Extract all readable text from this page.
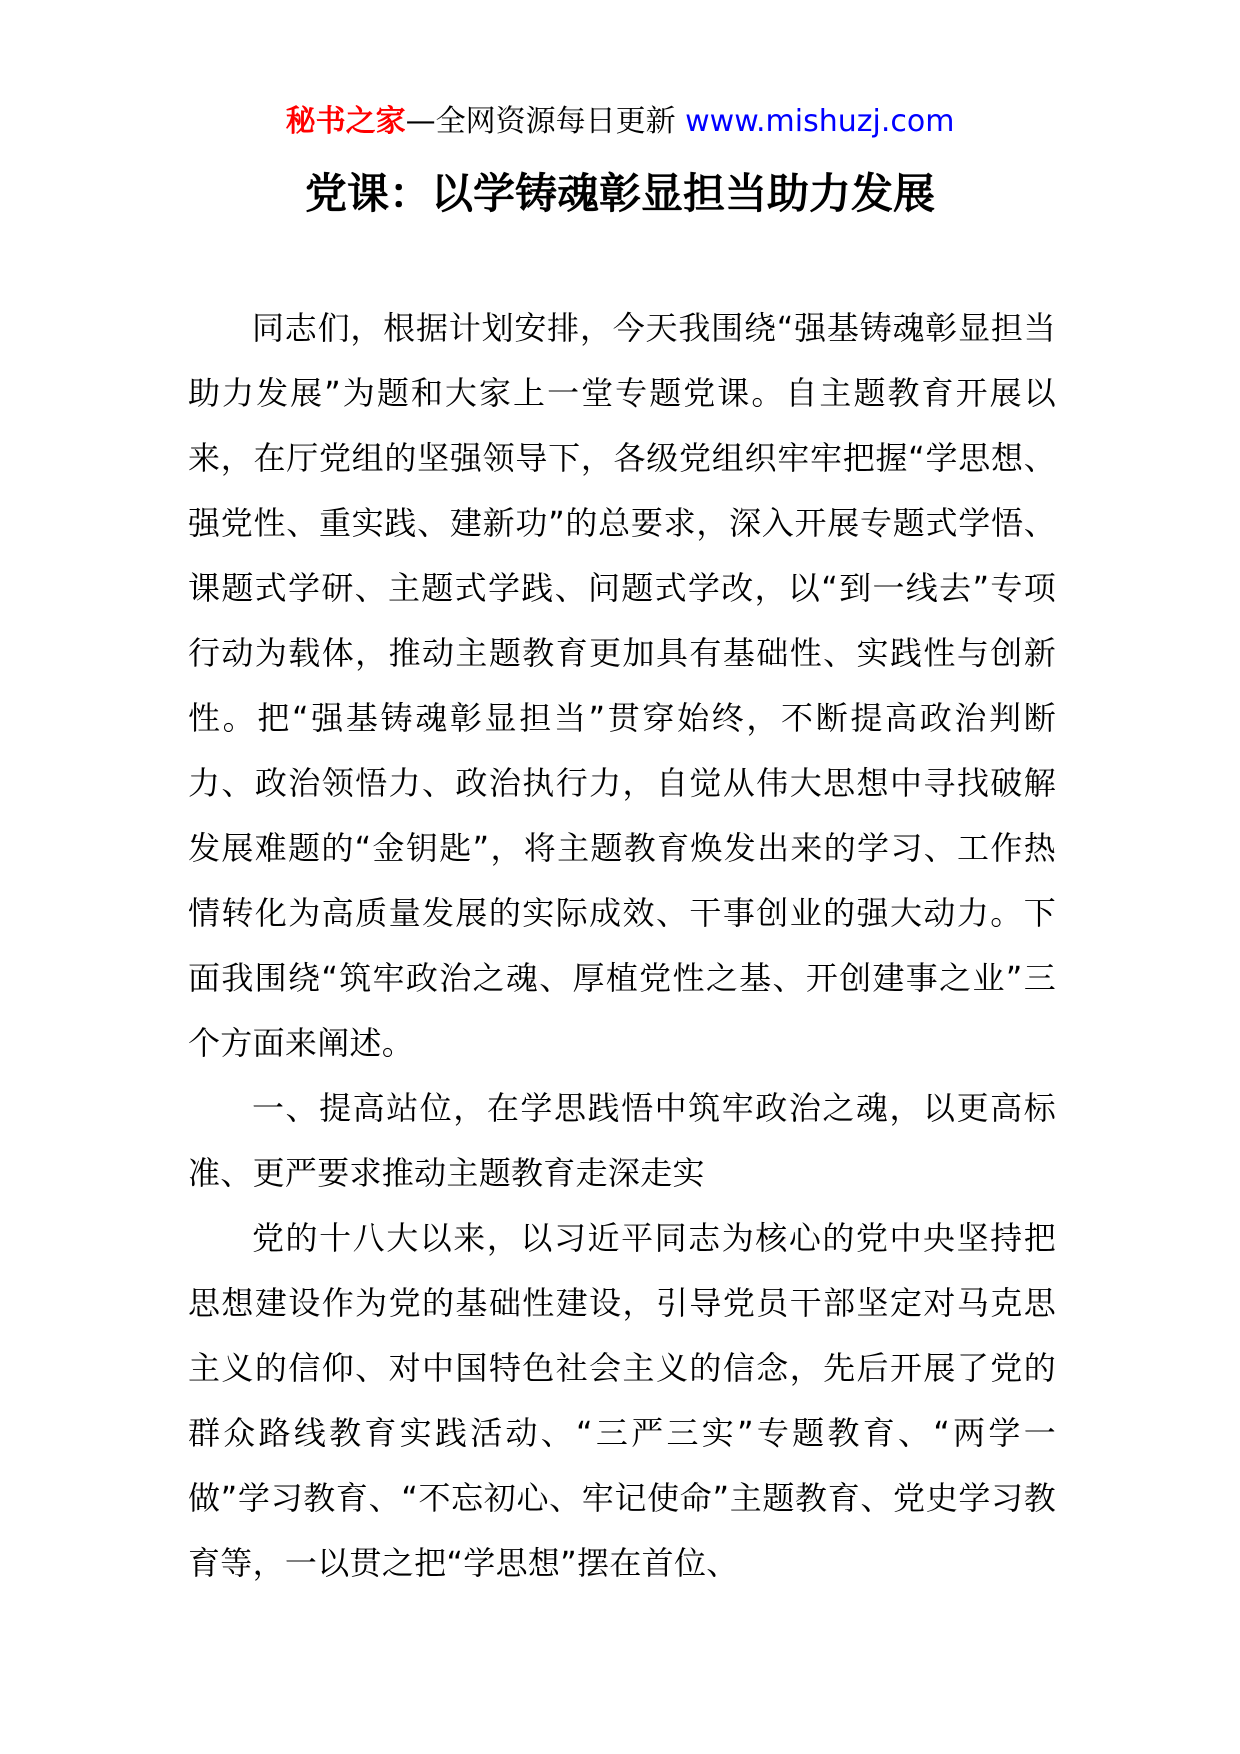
秘书之家—全网资源每日更新 www.mishuzj.com
党课：以学铸魂彰显担当助力发展

同志们，根据计划安排，今天我围绕“强基铸魂彰显担当助力发展”为题和大家上一堂专题党课。自主题教育开展以来，在厅党组的坚强领导下，各级党组织牢牢把握“学思想、强党性、重实践、建新功”的总要求，深入开展专题式学悟、课题式学研、主题式学践、问题式学改，以“到一线去”专项行动为载体，推动主题教育更加具有基础性、实践性与创新性。把“强基铸魂彰显担当”贯穿始终，不断提高政治判断力、政治领悟力、政治执行力，自觉从伟大思想中寻找破解发展难题的“金钥匙”，将主题教育焕发出来的学习、工作热情转化为高质量发展的实际成效、干事创业的强大动力。下面我围绕“筑牢政治之魂、厚植党性之基、开创建事之业”三个方面来阐述。

一、提高站位，在学思践悟中筑牢政治之魂，以更高标准、更严要求推动主题教育走深走实

党的十八大以来，以习近平同志为核心的党中央坚持把思想建设作为党的基础性建设，引导党员干部坚定对马克思主义的信仰、对中国特色社会主义的信念，先后开展了党的群众路线教育实践活动、“三严三实”专题教育、“两学一做”学习教育、“不忘初心、牢记使命”主题教育、党史学习教育等，一以贯之把“学思想”摆在首位、
